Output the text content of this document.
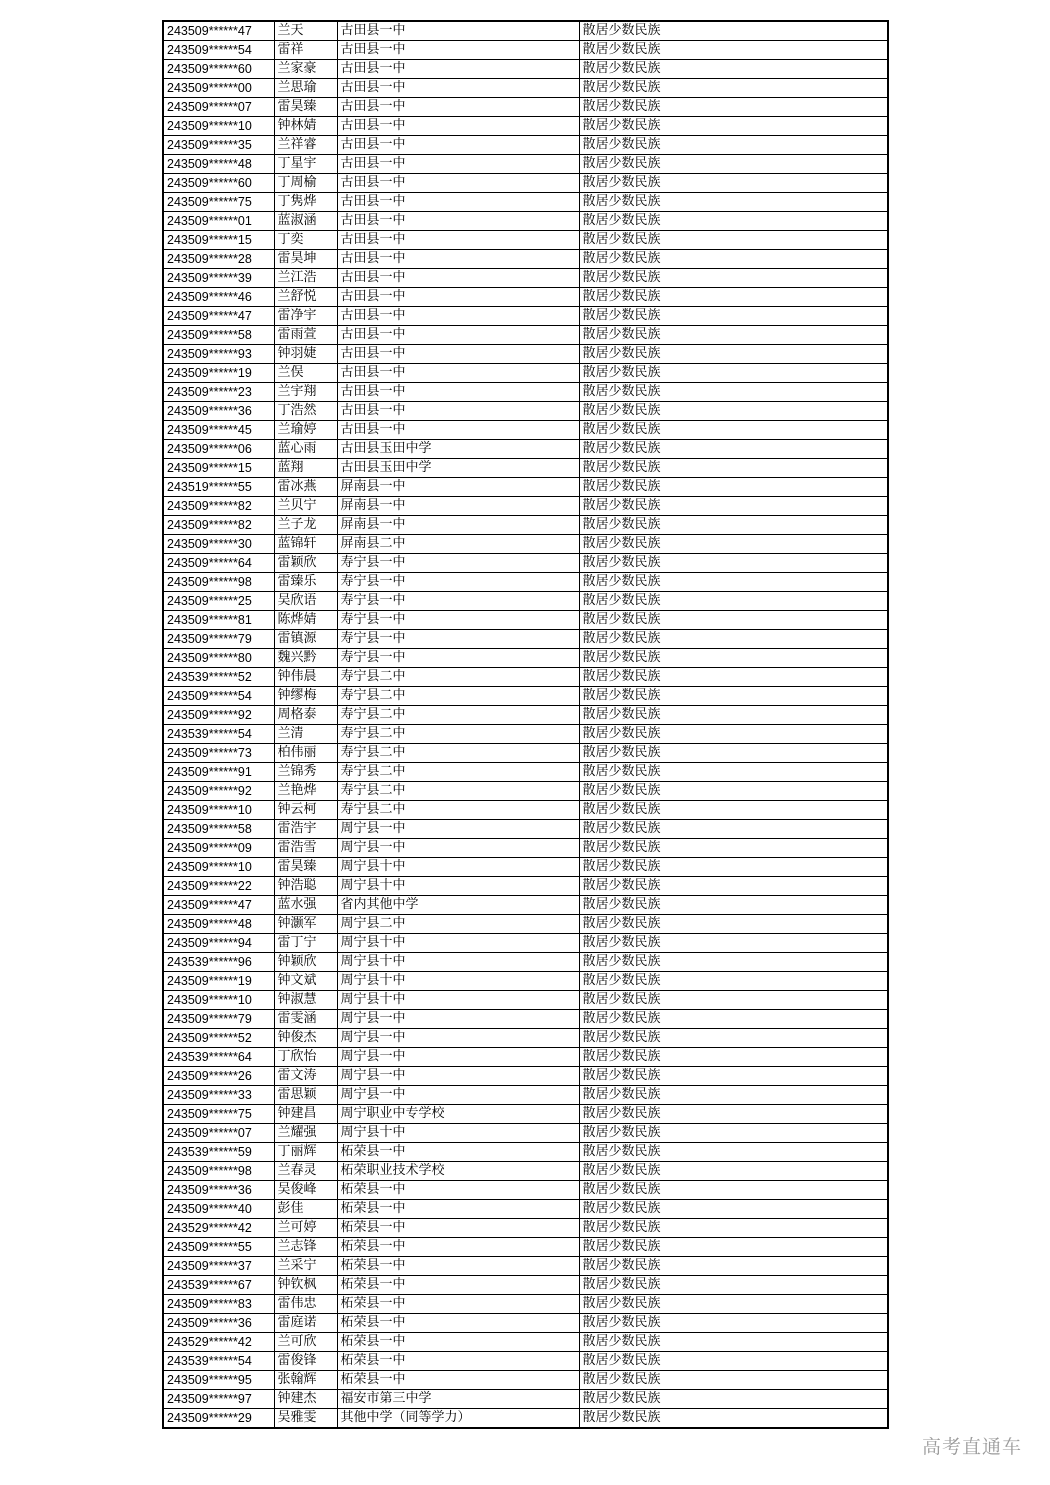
243509******47	兰天	古田县一中	散居少数民族
243509******54	雷祥	古田县一中	散居少数民族
243509******60	兰家豪	古田县一中	散居少数民族
243509******00	兰思瑜	古田县一中	散居少数民族
243509******07	雷昊臻	古田县一中	散居少数民族
243509******10	钟林婧	古田县一中	散居少数民族
243509******35	兰祥睿	古田县一中	散居少数民族
243509******48	丁星宇	古田县一中	散居少数民族
243509******60	丁周榆	古田县一中	散居少数民族
243509******75	丁隽烨	古田县一中	散居少数民族
243509******01	蓝淑涵	古田县一中	散居少数民族
243509******15	丁奕	古田县一中	散居少数民族
243509******28	雷昊坤	古田县一中	散居少数民族
243509******39	兰江浩	古田县一中	散居少数民族
243509******46	兰舒悦	古田县一中	散居少数民族
243509******47	雷净宇	古田县一中	散居少数民族
243509******58	雷雨萱	古田县一中	散居少数民族
243509******93	钟羽婕	古田县一中	散居少数民族
243509******19	兰俣	古田县一中	散居少数民族
243509******23	兰宇翔	古田县一中	散居少数民族
243509******36	丁浩然	古田县一中	散居少数民族
243509******45	兰瑜婷	古田县一中	散居少数民族
243509******06	蓝心雨	古田县玉田中学	散居少数民族
243509******15	蓝翔	古田县玉田中学	散居少数民族
243519******55	雷冰燕	屏南县一中	散居少数民族
243509******82	兰贝宁	屏南县一中	散居少数民族
243509******82	兰子龙	屏南县一中	散居少数民族
243509******30	蓝锦轩	屏南县二中	散居少数民族
243509******64	雷颖欣	寿宁县一中	散居少数民族
243509******98	雷臻乐	寿宁县一中	散居少数民族
243509******25	吴欣语	寿宁县一中	散居少数民族
243509******81	陈烨婧	寿宁县一中	散居少数民族
243509******79	雷镇源	寿宁县一中	散居少数民族
243509******80	魏兴黔	寿宁县一中	散居少数民族
243539******52	钟伟晨	寿宁县二中	散居少数民族
243509******54	钟缪梅	寿宁县二中	散居少数民族
243509******92	周格泰	寿宁县二中	散居少数民族
243539******54	兰清	寿宁县二中	散居少数民族
243509******73	柏伟丽	寿宁县二中	散居少数民族
243509******91	兰锦秀	寿宁县二中	散居少数民族
243509******92	兰艳烨	寿宁县二中	散居少数民族
243509******10	钟云柯	寿宁县二中	散居少数民族
243509******58	雷浩宇	周宁县一中	散居少数民族
243509******09	雷浩雪	周宁县一中	散居少数民族
243509******10	雷昊臻	周宁县十中	散居少数民族
243509******22	钟浩聪	周宁县十中	散居少数民族
243509******47	蓝水强	省内其他中学	散居少数民族
243509******48	钟灏军	周宁县二中	散居少数民族
243509******94	雷丁宁	周宁县十中	散居少数民族
243539******96	钟颖欣	周宁县十中	散居少数民族
243509******19	钟文斌	周宁县十中	散居少数民族
243509******10	钟淑慧	周宁县十中	散居少数民族
243509******79	雷雯涵	周宁县一中	散居少数民族
243509******52	钟俊杰	周宁县一中	散居少数民族
243539******64	丁欣怡	周宁县一中	散居少数民族
243509******26	雷文涛	周宁县一中	散居少数民族
243509******33	雷思颖	周宁县一中	散居少数民族
243509******75	钟建昌	周宁职业中专学校	散居少数民族
243509******07	兰耀强	周宁县十中	散居少数民族
243539******59	丁丽辉	柘荣县一中	散居少数民族
243509******98	兰春灵	柘荣职业技术学校	散居少数民族
243509******36	吴俊峰	柘荣县一中	散居少数民族
243509******40	彭佳	柘荣县一中	散居少数民族
243529******42	兰可婷	柘荣县一中	散居少数民族
243509******55	兰志锋	柘荣县一中	散居少数民族
243509******37	兰采宁	柘荣县一中	散居少数民族
243539******67	钟钦枫	柘荣县一中	散居少数民族
243509******83	雷伟忠	柘荣县一中	散居少数民族
243509******36	雷庭诺	柘荣县一中	散居少数民族
243529******42	兰可欣	柘荣县一中	散居少数民族
243539******54	雷俊锋	柘荣县一中	散居少数民族
243509******95	张翰辉	柘荣县一中	散居少数民族
243509******97	钟建杰	福安市第三中学	散居少数民族
243509******29	吴雅雯	其他中学（同等学力）	散居少数民族
高考直通车
